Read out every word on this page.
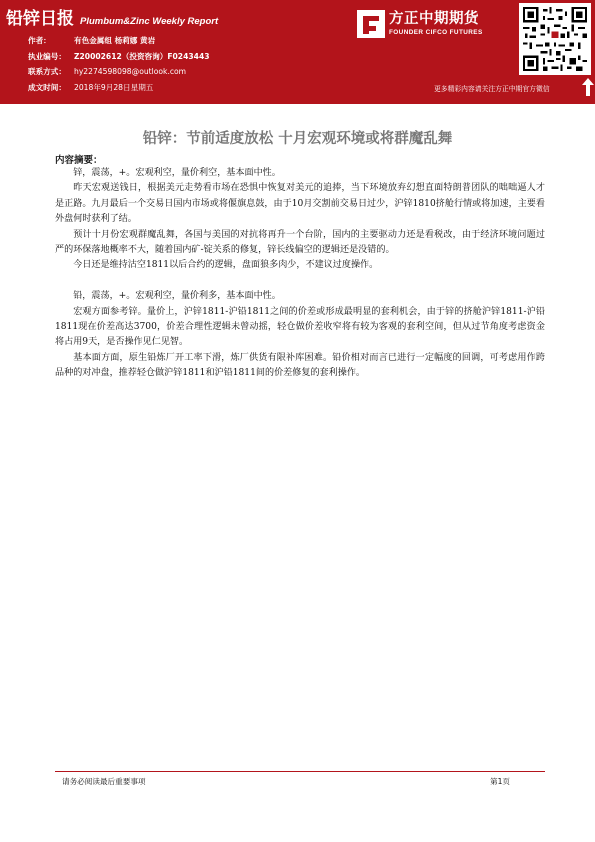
铅锌日报 Plumbum&Zinc Weekly Report
作者：	有色金属组 杨莉娜 黄岩
执业编号：	Z20002612（投资咨询）F0243443
联系方式：	hy2274598098@outlook.com
成文时间：	2018年9月28日星期五
方正中期期货
FOUNDER CIFCO FUTURES
更多精彩内容请关注方正中期官方微信
铅锌：节前适度放松 十月宏观环境或将群魔乱舞
内容摘要：

锌，震荡，+。宏观利空，量价利空，基本面中性。

昨天宏观送钱日，根据美元走势看市场在恐惧中恢复对美元的追捧，当下环境放弃幻想直面特朗普团队的咄咄逼人才是正路。九月最后一个交易日国内市场或将偃旗息鼓，由于10月交割前交易日过少，沪锌1810挤舱行情或将加速，主要看外盘何时获利了结。

预计十月份宏观群魔乱舞，各国与美国的对抗将再升一个台阶，国内的主要驱动力还是看税改，由于经济环境问题过严的环保落地概率不大，随着国内矿-锭关系的修复，锌长线偏空的逻辑还是没错的。

今日还是维持沽空1811以后合约的逻辑，盘面狼多肉少，不建议过度操作。

铅，震荡，+。宏观利空，量价利多，基本面中性。

宏观方面参考锌。量价上，沪锌1811-沪铅1811之间的价差或形成最明显的套利机会，由于锌的挤舱沪锌1811-沪铅1811现在价差高达3700，价差合理性逻辑未曾动摇，轻仓做价差收窄将有较为客观的套利空间，但从过节角度考虑资金将占用9天，是否操作见仁见智。

基本面方面，原生铅炼厂开工率下滑，炼厂供货有限补库困难。铅价相对而言已进行一定幅度的回调，可考虑用作跨品种的对冲盘，推荐轻仓做沪锌1811和沪铅1811间的价差修复的套利操作。

请务必阅读最后重要事项	第1页
